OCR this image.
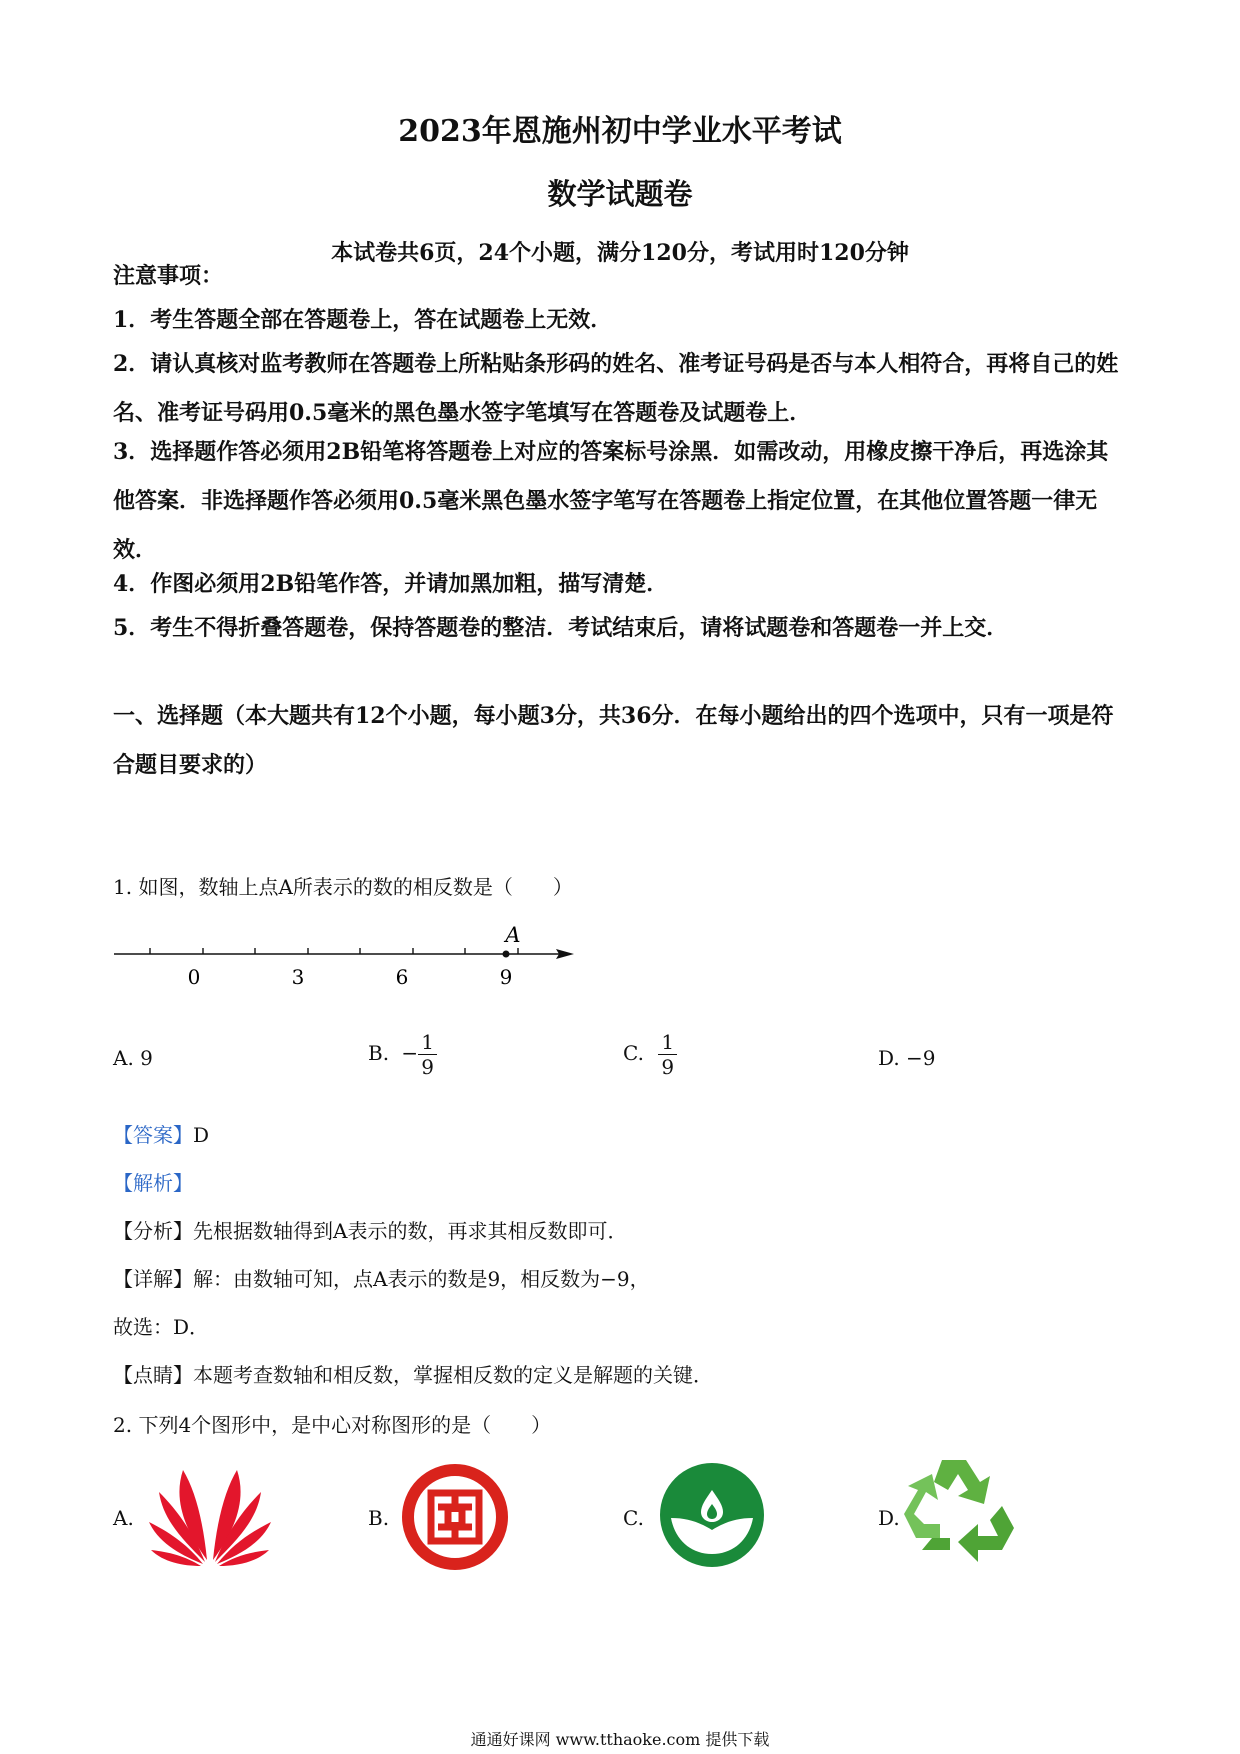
2023年恩施州初中学业水平考试
数学试题卷
本试卷共6页，24个小题，满分120分，考试用时120分钟
注意事项：
1．考生答题全部在答题卷上，答在试题卷上无效．
2．请认真核对监考教师在答题卷上所粘贴条形码的姓名、准考证号码是否与本人相符合，再将自己的姓名、准考证号码用0.5毫米的黑色墨水签字笔填写在答题卷及试题卷上．
3．选择题作答必须用2B铅笔将答题卷上对应的答案标号涂黑．如需改动，用橡皮擦干净后，再选涂其他答案．非选择题作答必须用0.5毫米黑色墨水签字笔写在答题卷上指定位置，在其他位置答题一律无效．
4．作图必须用2B铅笔作答，并请加黑加粗，描写清楚．
5．考生不得折叠答题卷，保持答题卷的整洁．考试结束后，请将试题卷和答题卷一并上交．
一、选择题（本大题共有12个小题，每小题3分，共36分．在每小题给出的四个选项中，只有一项是符合题目要求的）
1. 如图，数轴上点A所表示的数的相反数是（　　）
0	3	6	9
A
A. 9	B. − $\frac{1}{9}$	C. $\frac{1}{9}$	D. −9
【答案】D
【解析】
【分析】先根据数轴得到A表示的数，再求其相反数即可．
【详解】解：由数轴可知，点A表示的数是9，相反数为−9，
故选：D．
【点睛】本题考查数轴和相反数，掌握相反数的定义是解题的关键．
2. 下列4个图形中，是中心对称图形的是（　　）
A.	B.	C.	D.
通通好课网 www.tthaoke.com 提供下载
